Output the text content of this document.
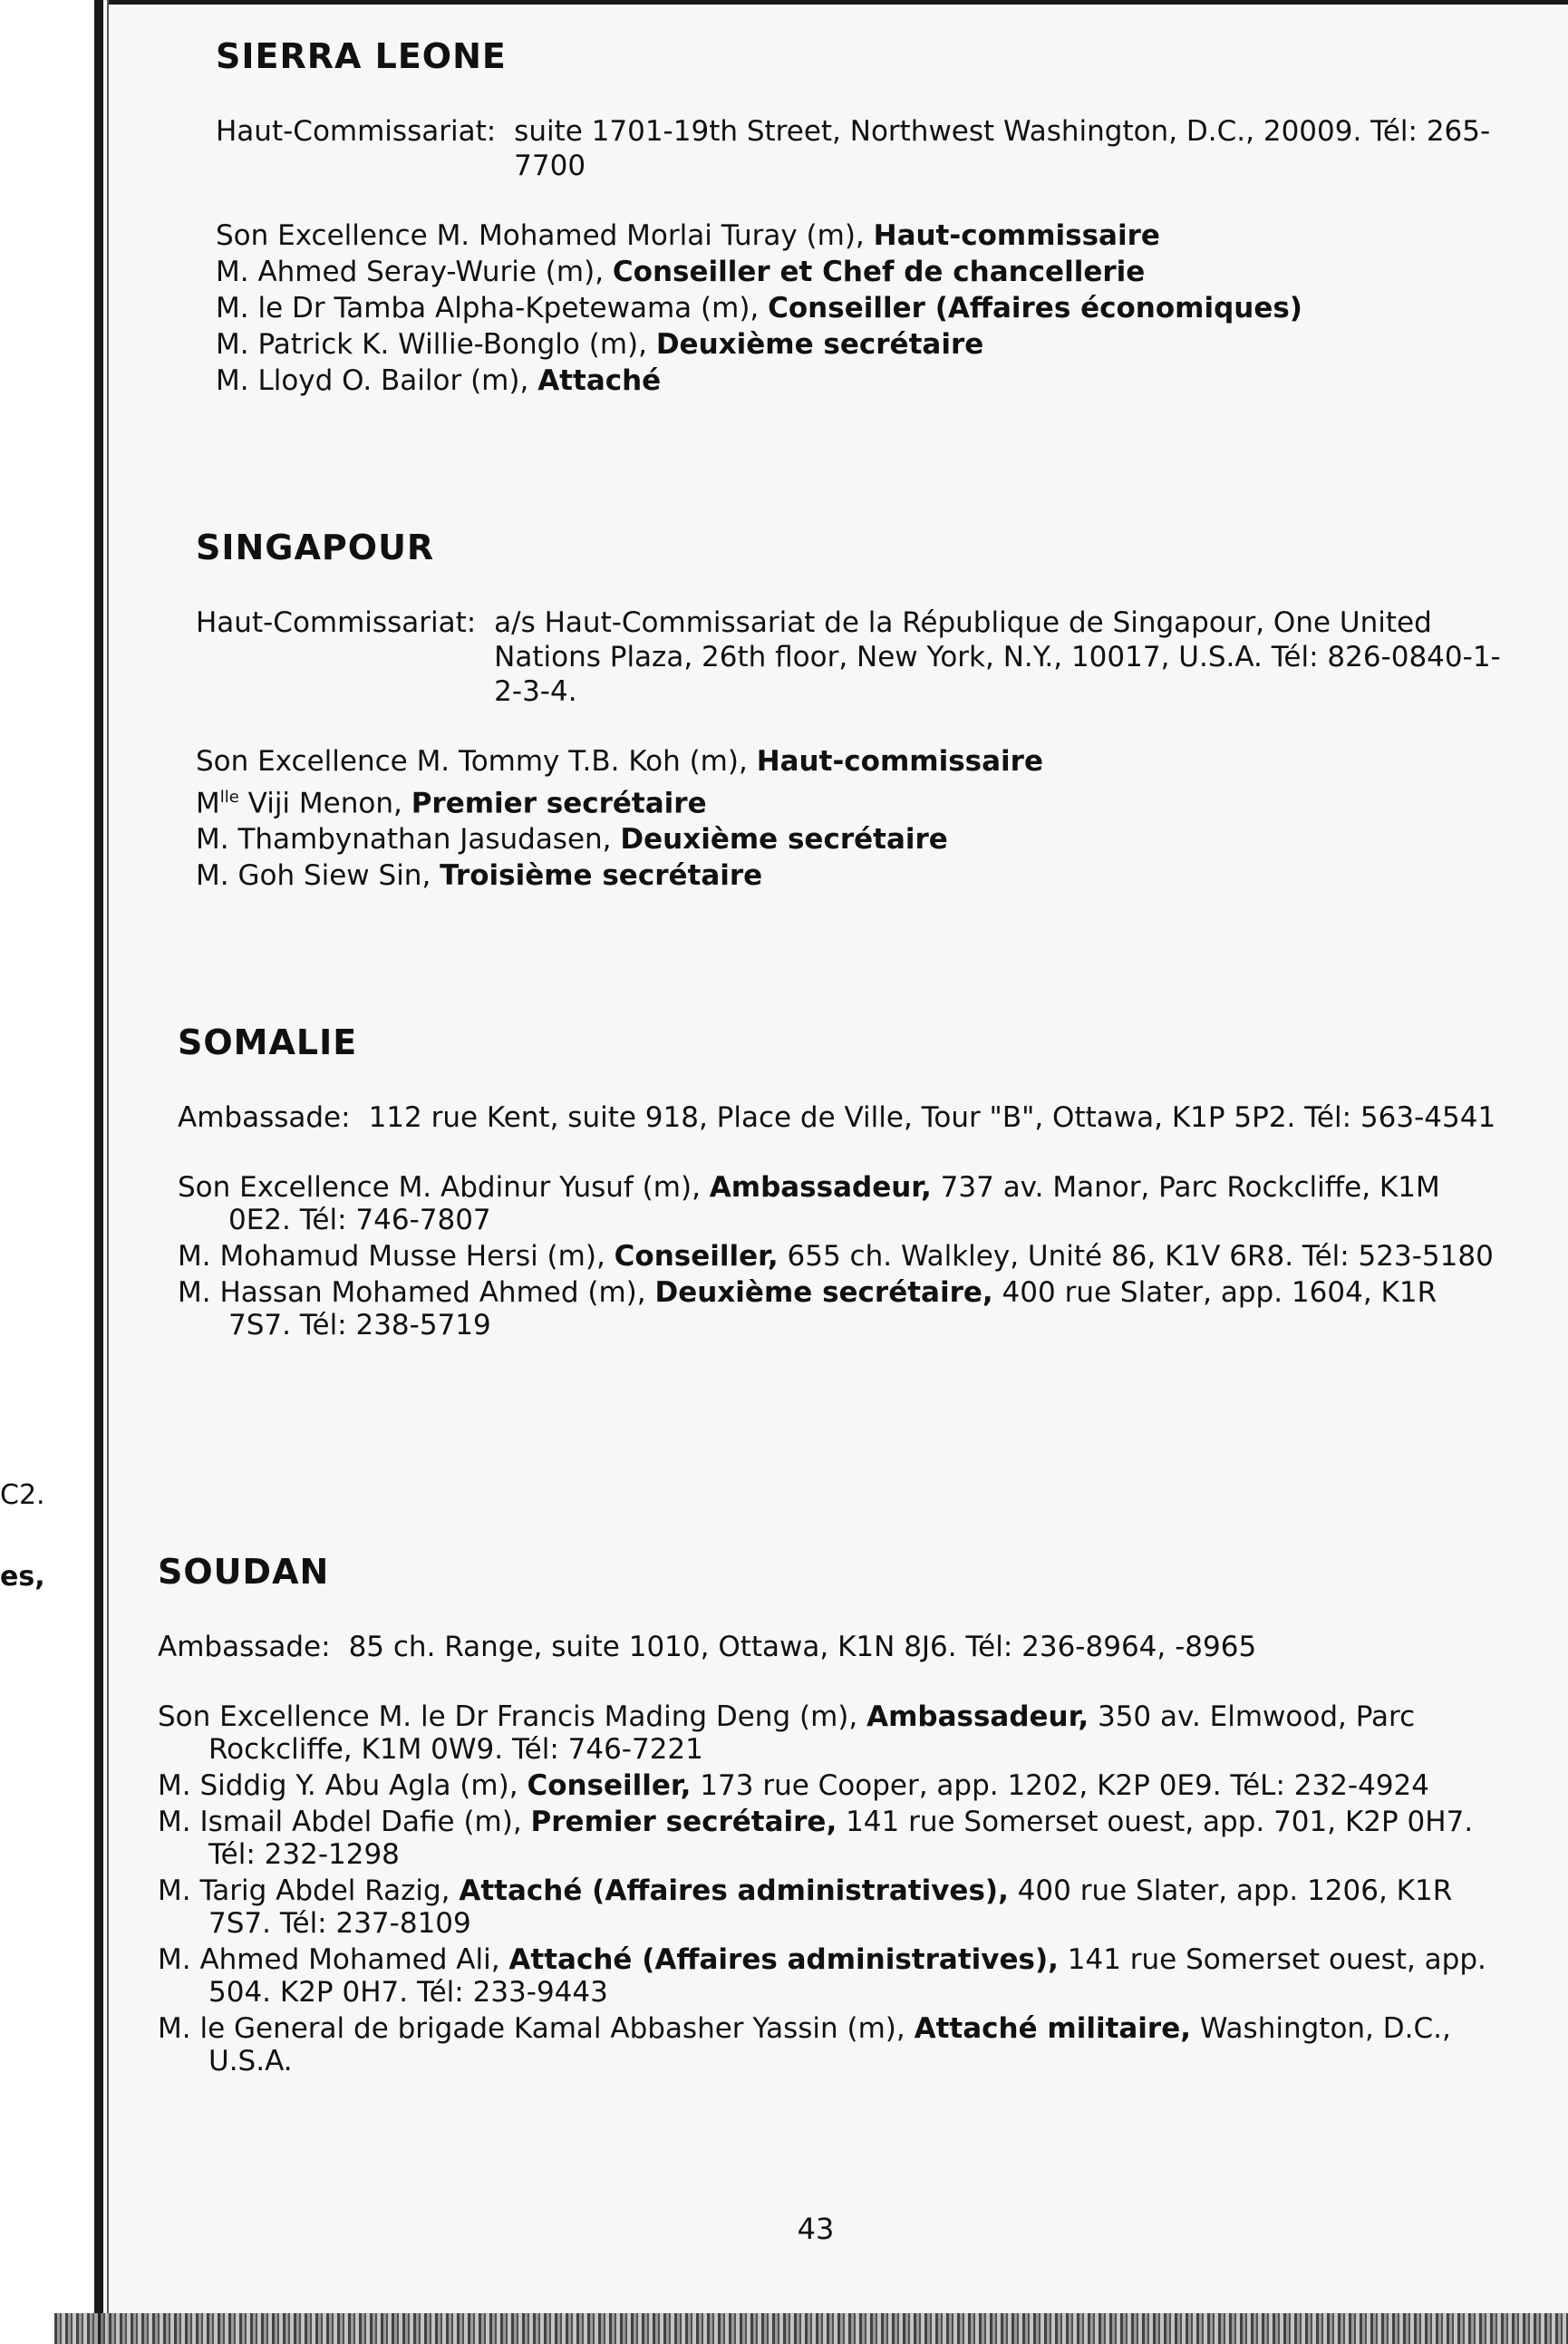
C2.
es,
SIERRA LEONE
Haut-Commissariat: suite 1701-19th Street, Northwest Washington, D.C., 20009. Tél: 265-7700
Son Excellence M. Mohamed Morlai Turay (m), Haut-commissaire
M. Ahmed Seray-Wurie (m), Conseiller et Chef de chancellerie
M. le Dr Tamba Alpha-Kpetewama (m), Conseiller (Affaires économiques)
M. Patrick K. Willie-Bonglo (m), Deuxième secrétaire
M. Lloyd O. Bailor (m), Attaché
SINGAPOUR
Haut-Commissariat: a/s Haut-Commissariat de la République de Singapour, One United Nations Plaza, 26th floor, New York, N.Y., 10017, U.S.A. Tél: 826-0840-1-2-3-4.
Son Excellence M. Tommy T.B. Koh (m), Haut-commissaire
$M^{lle}$ Viji Menon, Premier secrétaire
M. Thambynathan Jasudasen, Deuxième secrétaire
M. Goh Siew Sin, Troisième secrétaire
SOMALIE
Ambassade: 112 rue Kent, suite 918, Place de Ville, Tour "B", Ottawa, K1P 5P2. Tél: 563-4541
Son Excellence M. Abdinur Yusuf (m), Ambassadeur, 737 av. Manor, Parc Rockcliffe, K1M 0E2. Tél: 746-7807
M. Mohamud Musse Hersi (m), Conseiller, 655 ch. Walkley, Unité 86, K1V 6R8. Tél: 523-5180
M. Hassan Mohamed Ahmed (m), Deuxième secrétaire, 400 rue Slater, app. 1604, K1R 7S7. Tél: 238-5719
SOUDAN
Ambassade: 85 ch. Range, suite 1010, Ottawa, K1N 8J6. Tél: 236-8964, -8965
Son Excellence M. le Dr Francis Mading Deng (m), Ambassadeur, 350 av. Elmwood, Parc Rockcliffe, K1M 0W9. Tél: 746-7221
M. Siddig Y. Abu Agla (m), Conseiller, 173 rue Cooper, app. 1202, K2P 0E9. TéL: 232-4924
M. Ismail Abdel Dafie (m), Premier secrétaire, 141 rue Somerset ouest, app. 701, K2P 0H7. Tél: 232-1298
M. Tarig Abdel Razig, Attaché (Affaires administratives), 400 rue Slater, app. 1206, K1R 7S7. Tél: 237-8109
M. Ahmed Mohamed Ali, Attaché (Affaires administratives), 141 rue Somerset ouest, app. 504. K2P 0H7. Tél: 233-9443
M. le General de brigade Kamal Abbasher Yassin (m), Attaché militaire, Washington, D.C., U.S.A.
43
